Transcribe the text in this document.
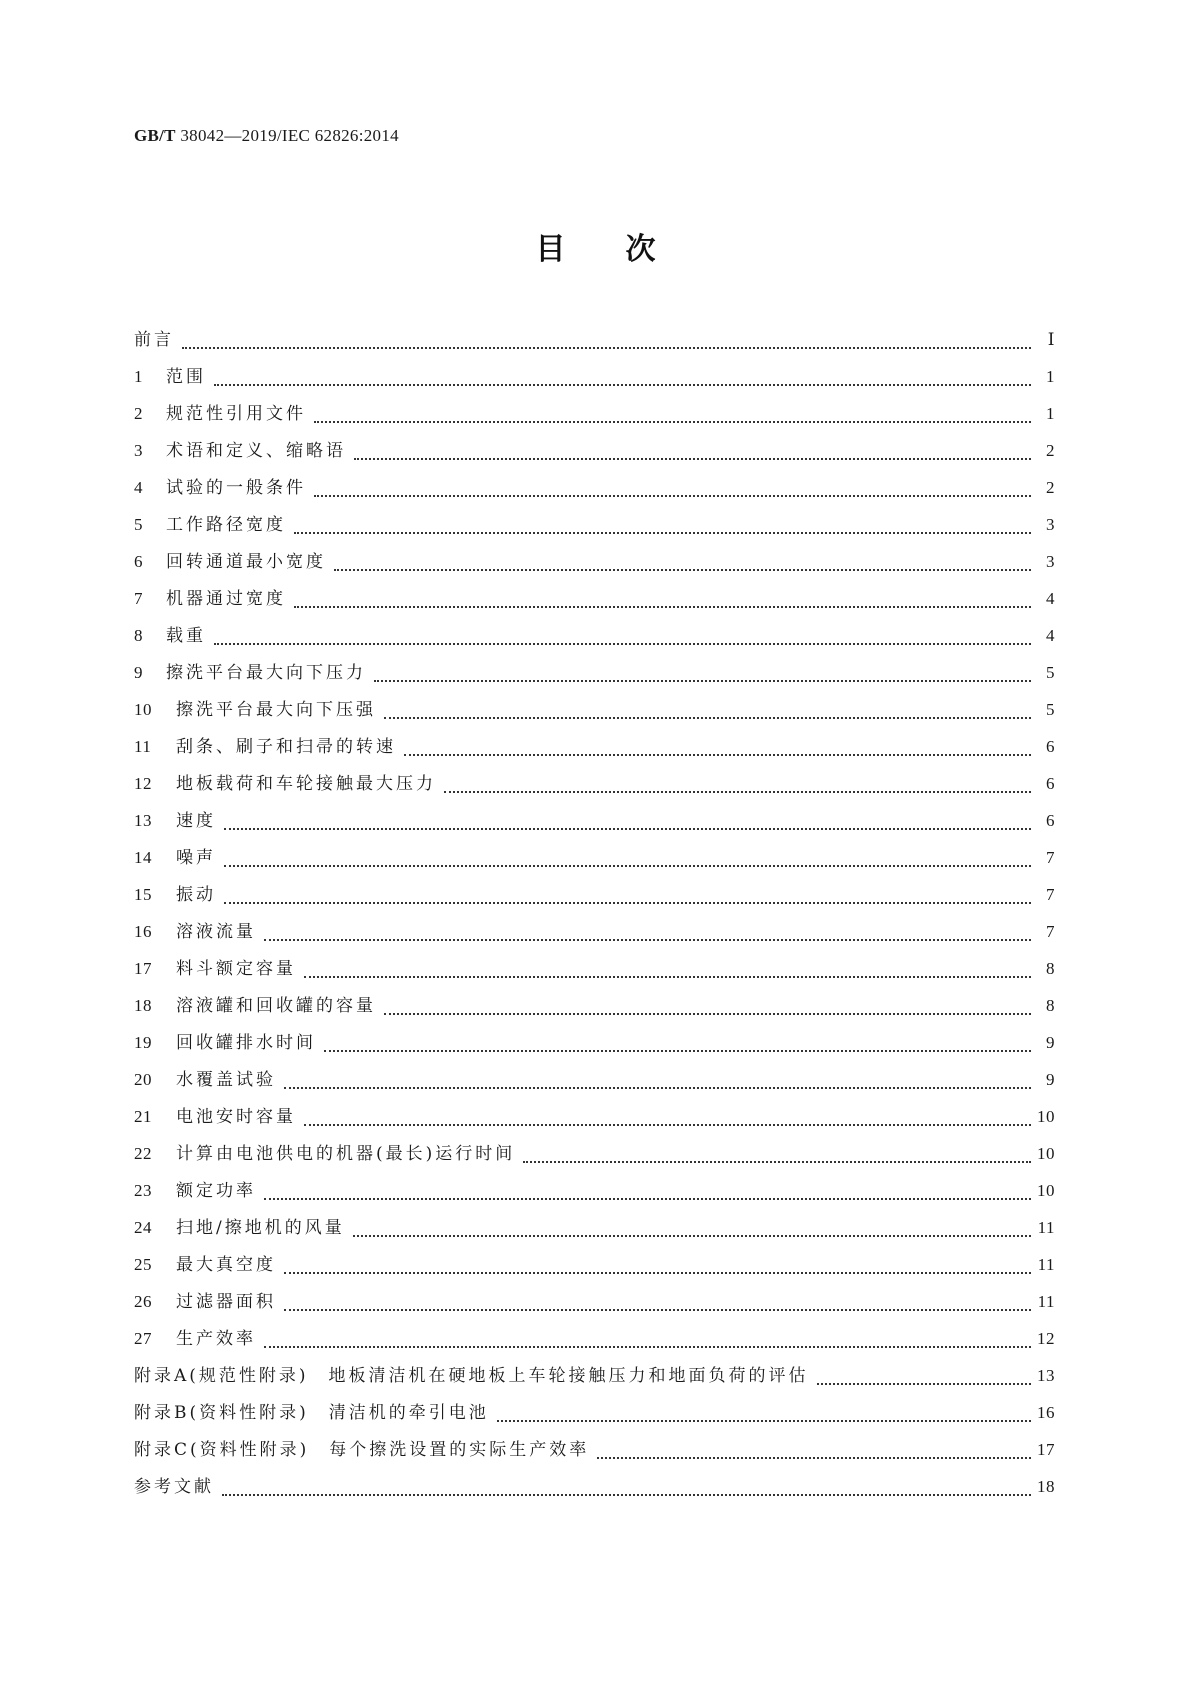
GB/T 38042—2019/IEC 62826:2014
目次
前言	Ⅰ
1	范围	1
2	规范性引用文件	1
3	术语和定义、缩略语	2
4	试验的一般条件	2
5	工作路径宽度	3
6	回转通道最小宽度	3
7	机器通过宽度	4
8	载重	4
9	擦洗平台最大向下压力	5
10	擦洗平台最大向下压强	5
11	刮条、刷子和扫帚的转速	6
12	地板载荷和车轮接触最大压力	6
13	速度	6
14	噪声	7
15	振动	7
16	溶液流量	7
17	料斗额定容量	8
18	溶液罐和回收罐的容量	8
19	回收罐排水时间	9
20	水覆盖试验	9
21	电池安时容量	10
22	计算由电池供电的机器(最长)运行时间	10
23	额定功率	10
24	扫地/擦地机的风量	11
25	最大真空度	11
26	过滤器面积	11
27	生产效率	12
附录A(规范性附录)　地板清洁机在硬地板上车轮接触压力和地面负荷的评估	13
附录B(资料性附录)　清洁机的牵引电池	16
附录C(资料性附录)　每个擦洗设置的实际生产效率	17
参考文献	18
